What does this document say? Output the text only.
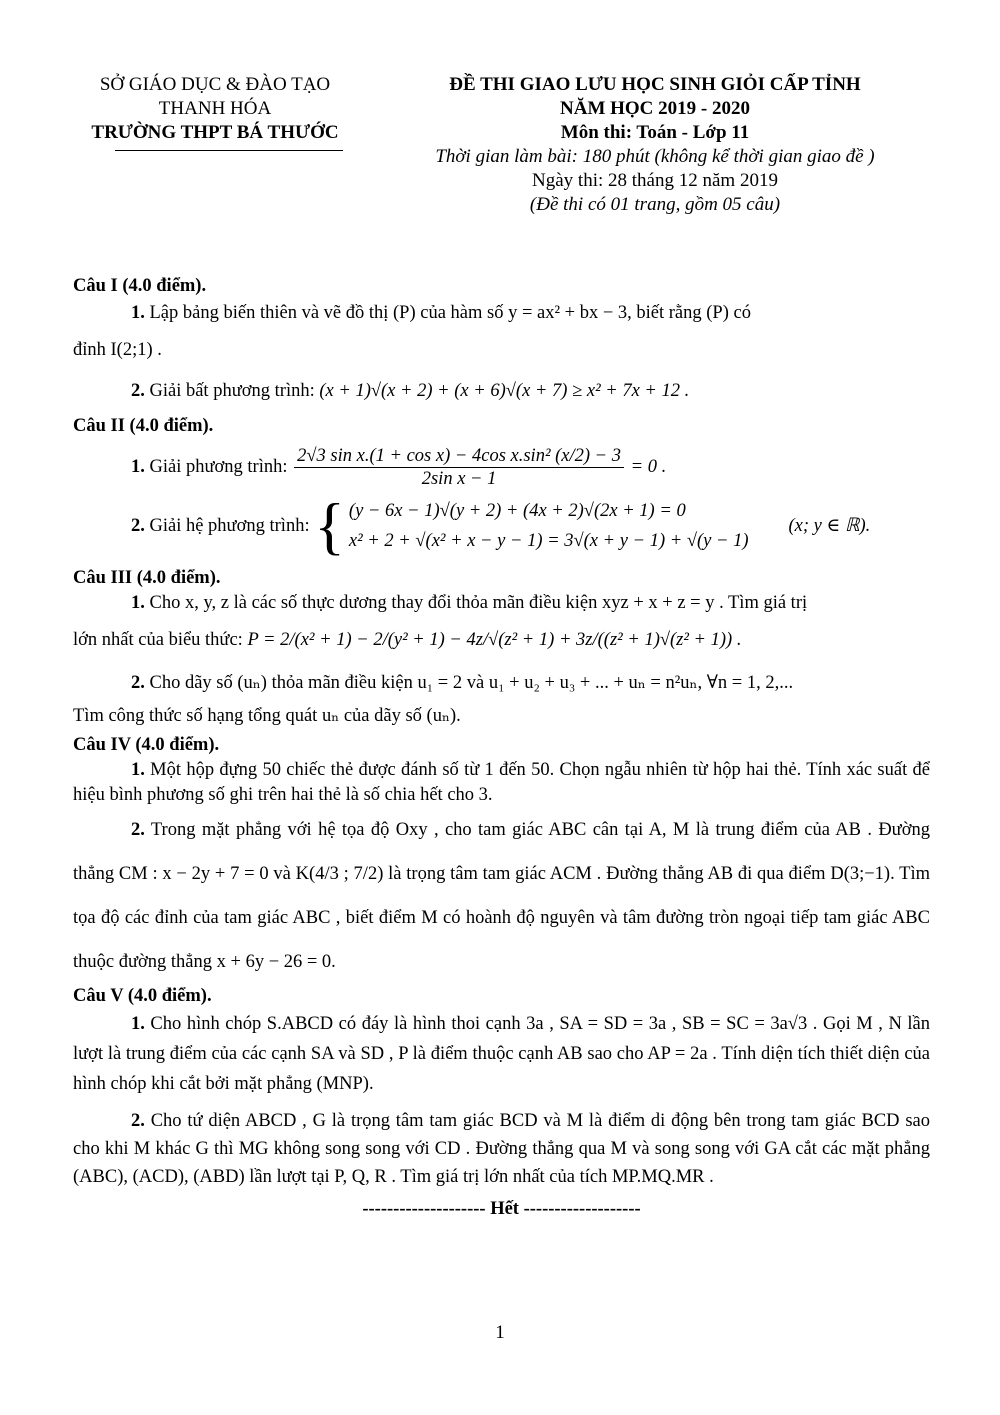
SỞ GIÁO DỤC & ĐÀO TẠO
THANH HÓA
TRƯỜNG THPT BÁ THƯỚC
ĐỀ THI GIAO LƯU HỌC SINH GIỎI CẤP TỈNH
NĂM HỌC 2019 - 2020
Môn thi: Toán - Lớp 11
Thời gian làm bài: 180 phút (không kể thời gian giao đề )
Ngày thi: 28 tháng 12 năm 2019
(Đề thi có 01 trang, gồm 05 câu)

Câu I (4.0 điểm).

1. Lập bảng biến thiên và vẽ đồ thị (P) của hàm số y = ax² + bx − 3, biết rằng (P) có

đỉnh I(2;1) .

2. Giải bất phương trình: (x + 1)√(x + 2) + (x + 6)√(x + 7) ≥ x² + 7x + 12 .

Câu II (4.0 điểm).

1. Giải phương trình: $\frac{\text{2√3 sin x.(1 + cos x) − 4cos x.sin² (x/2) − 3}}{\text{2sin x − 1}} = 0$ .
2. Giải hệ phương trình: { (y − 6x − 1)√(y + 2) + (4x + 2)√(2x + 1) = 0
x² + 2 + √(x² + x − y − 1) = 3√(x + y − 1) + √(y − 1)
(x; y ∈ ℝ).

Câu III (4.0 điểm).

1. Cho x, y, z là các số thực dương thay đổi thỏa mãn điều kiện xyz + x + z = y . Tìm giá trị

lớn nhất của biểu thức: P = 2/(x² + 1) − 2/(y² + 1) − 4z/√(z² + 1) + 3z/((z² + 1)√(z² + 1)) .

2. Cho dãy số (uₙ) thỏa mãn điều kiện u₁ = 2 và u₁ + u₂ + u₃ + ... + uₙ = n²uₙ, ∀n = 1, 2,...

Tìm công thức số hạng tổng quát uₙ của dãy số (uₙ).

Câu IV (4.0 điểm).

1. Một hộp đựng 50 chiếc thẻ được đánh số từ 1 đến 50. Chọn ngẫu nhiên từ hộp hai thẻ. Tính xác suất để hiệu bình phương số ghi trên hai thẻ là số chia hết cho 3.

2. Trong mặt phẳng với hệ tọa độ Oxy , cho tam giác ABC cân tại A, M là trung điểm của AB . Đường thẳng CM : x − 2y + 7 = 0 và K(4/3 ; 7/2) là trọng tâm tam giác ACM . Đường thẳng AB đi qua điểm D(3;−1). Tìm tọa độ các đỉnh của tam giác ABC , biết điểm M có hoành độ nguyên và tâm đường tròn ngoại tiếp tam giác ABC thuộc đường thẳng x + 6y − 26 = 0.

Câu V (4.0 điểm).

1. Cho hình chóp S.ABCD có đáy là hình thoi cạnh 3a , SA = SD = 3a , SB = SC = 3a√3 . Gọi M , N lần lượt là trung điểm của các cạnh SA và SD , P là điểm thuộc cạnh AB sao cho AP = 2a . Tính diện tích thiết diện của hình chóp khi cắt bởi mặt phẳng (MNP).

2. Cho tứ diện ABCD , G là trọng tâm tam giác BCD và M là điểm di động bên trong tam giác BCD sao cho khi M khác G thì MG không song song với CD . Đường thẳng qua M và song song với GA cắt các mặt phẳng (ABC), (ACD), (ABD) lần lượt tại P, Q, R . Tìm giá trị lớn nhất của tích MP.MQ.MR .

-------------------- Hết -------------------

1
